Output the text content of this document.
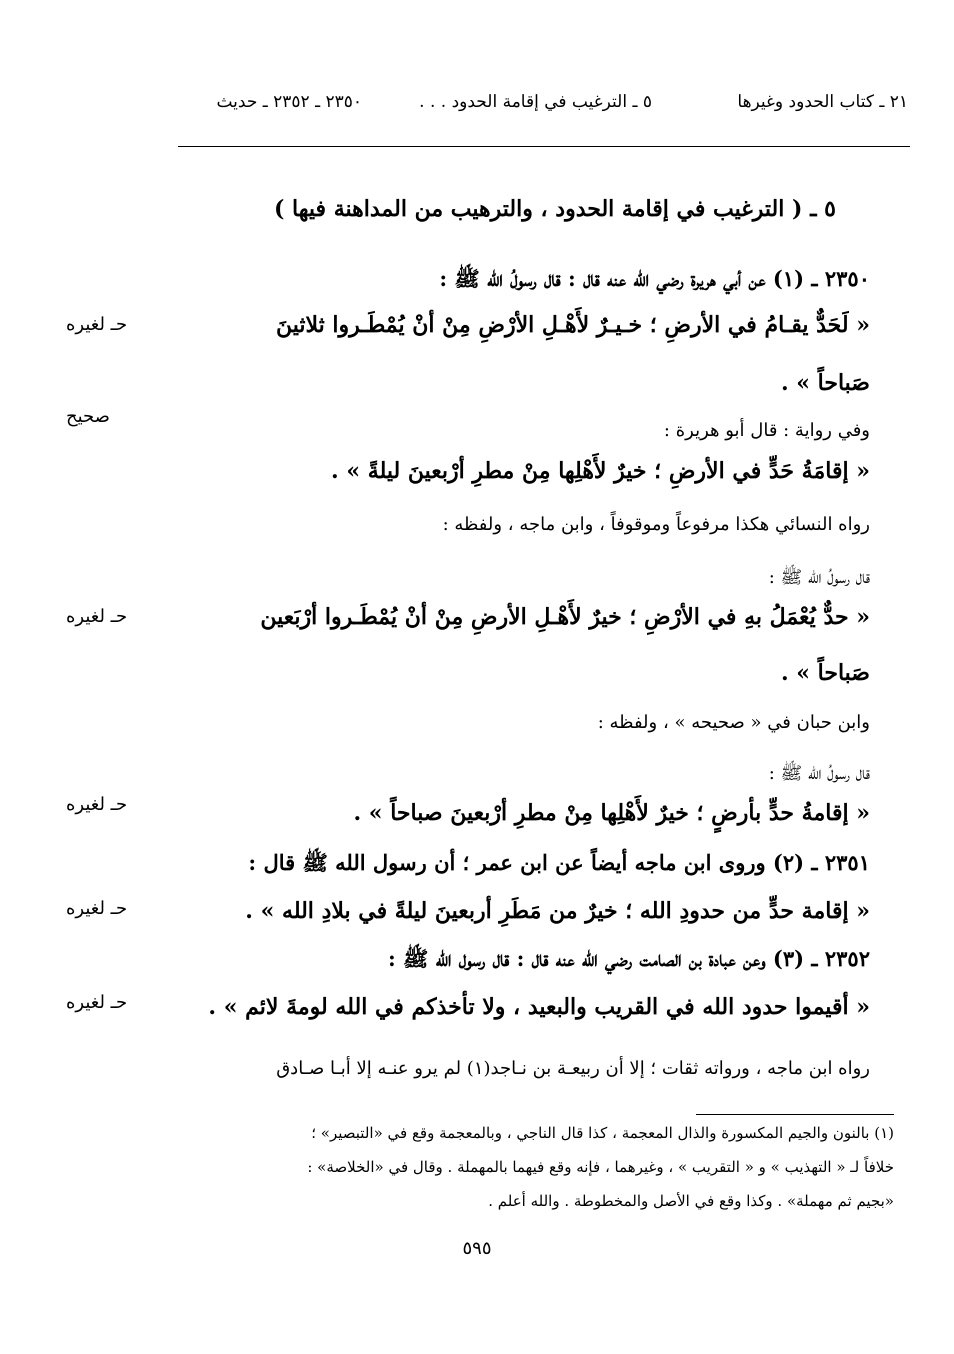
٢١ ـ كتاب الحدود وغيرها
٥ ـ الترغيب في إقامة الحدود . . .
٢٣٥٠ ـ ٢٣٥٢ ـ حديث
٥ ـ ( الترغيب في إقامة الحدود ، والترهيب من المداهنة فيها )
٢٣٥٠ ـ (١) عن أبي هريرة رضي الله عنه قال : قال رسولُ الله ﷺ :
« لَحَدٌّ يقـامُ في الأرضِ ؛ خـيـرٌ لأَهْـلِ الأرْضِ مِنْ أنْ يُمْطَـروا ثلاثينَ
حـ لغيره
صَباحاً » .
وفي رواية : قال أبو هريرة :
صحيح
« إقامَةُ حَدٍّ في الأرضِ ؛ خيرٌ لأَهْلِها مِنْ مطرِ أرْبعينَ ليلةً » .
رواه النسائي هكذا مرفوعاً وموقوفاً ، وابن ماجه ، ولفظه :
قال رسولُ الله ﷺ :
« حدٌّ يُعْمَلُ بهِ في الأرْضِ ؛ خيرٌ لأَهْـلِ الأرضِ مِنْ أنْ يُمْطَـروا أرْبَعين
حـ لغيره
صَباحاً » .
وابن حبان في « صحيحه » ، ولفظه :
قال رسولُ الله ﷺ :
« إقامةُ حدٍّ بأرضٍ ؛ خيرٌ لأَهْلِها مِنْ مطرِ أرْبعينَ صباحاً » .
حـ لغيره
٢٣٥١ ـ (٢) وروى ابن ماجه أيضاً عن ابن عمر ؛ أن رسول الله ﷺ قال :
« إقامة حدٍّ من حدودِ الله ؛ خيرٌ من مَطَرِ أربعينَ ليلةً في بلادِ الله » .
حـ لغيره
٢٣٥٢ ـ (٣) وعن عبادة بن الصامت رضي الله عنه قال : قال رسول الله ﷺ :
« أقيموا حدود الله في القريب والبعيد ، ولا تأخذكم في الله لومةَ لائم » .
حـ لغيره
رواه ابن ماجه ، ورواته ثقات ؛ إلا أن ربيعـة بن نـاجد(١) لم يرو عنـه إلا أبـا صـادق
(١) بالنون والجيم المكسورة والذال المعجمة ، كذا قال الناجي ، وبالمعجمة وقع في «التبصير» ؛
خلافاً لـ « التهذيب » و « التقريب » ، وغيرهما ، فإنه وقع فيهما بالمهملة . وقال في «الخلاصة» :
«بجيم ثم مهملة» . وكذا وقع في الأصل والمخطوطة . والله أعلم .
٥٩٥
